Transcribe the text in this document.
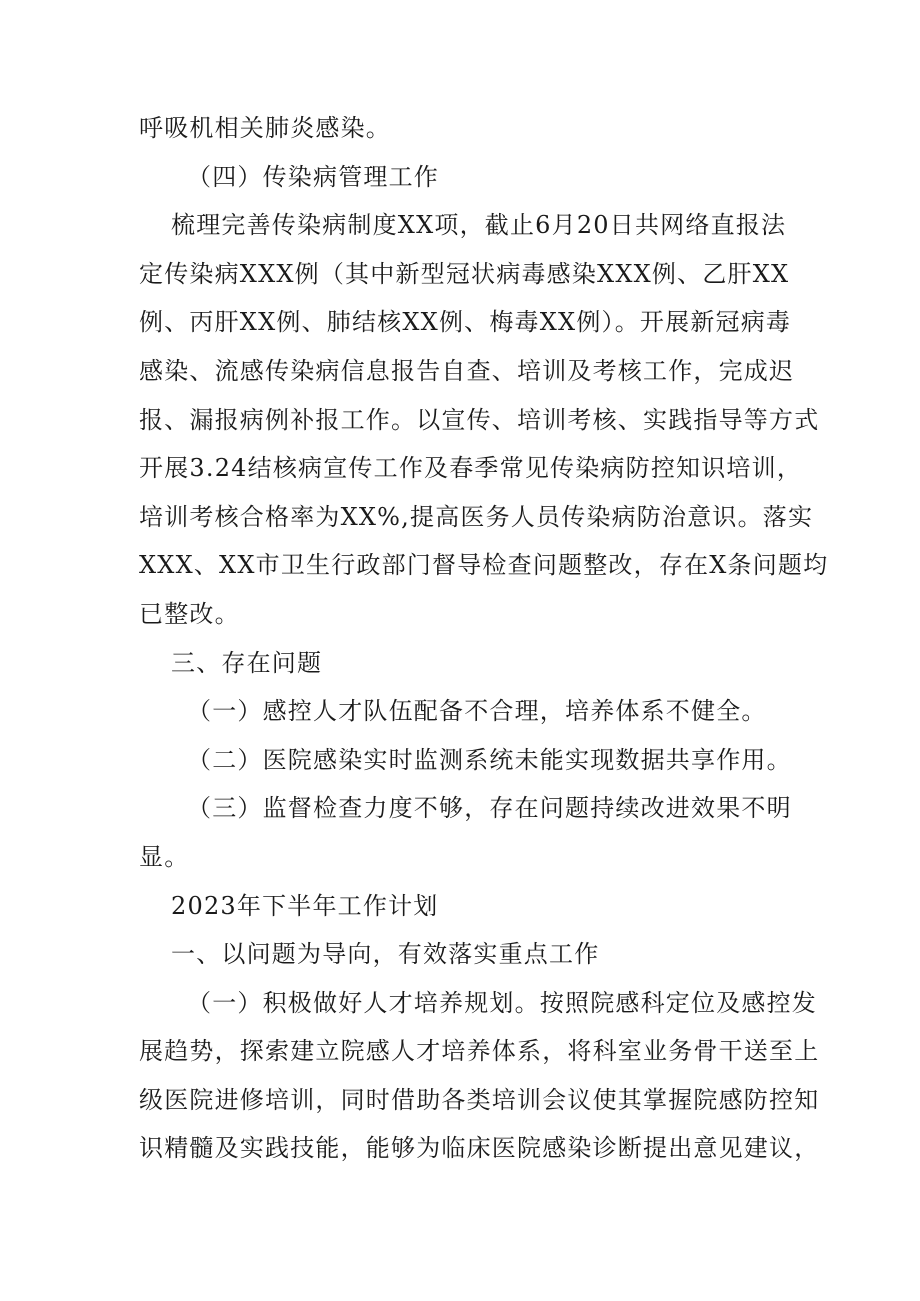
呼吸机相关肺炎感染。
（四）传染病管理工作
梳理完善传染病制度XX项，截止6月20日共网络直报法
定传染病XXX例（其中新型冠状病毒感染XXX例、乙肝XX
例、丙肝XX例、肺结核XX例、梅毒XX例）。开展新冠病毒
感染、流感传染病信息报告自查、培训及考核工作，完成迟
报、漏报病例补报工作。以宣传、培训考核、实践指导等方式
开展3.24结核病宣传工作及春季常见传染病防控知识培训，
培训考核合格率为XX%,提高医务人员传染病防治意识。落实
XXX、XX市卫生行政部门督导检查问题整改，存在X条问题均
已整改。
三、存在问题
（一）感控人才队伍配备不合理，培养体系不健全。
（二）医院感染实时监测系统未能实现数据共享作用。
（三）监督检查力度不够，存在问题持续改进效果不明
显。
2023年下半年工作计划
一、以问题为导向，有效落实重点工作
（一）积极做好人才培养规划。按照院感科定位及感控发
展趋势，探索建立院感人才培养体系，将科室业务骨干送至上
级医院进修培训，同时借助各类培训会议使其掌握院感防控知
识精髓及实践技能，能够为临床医院感染诊断提出意见建议，
